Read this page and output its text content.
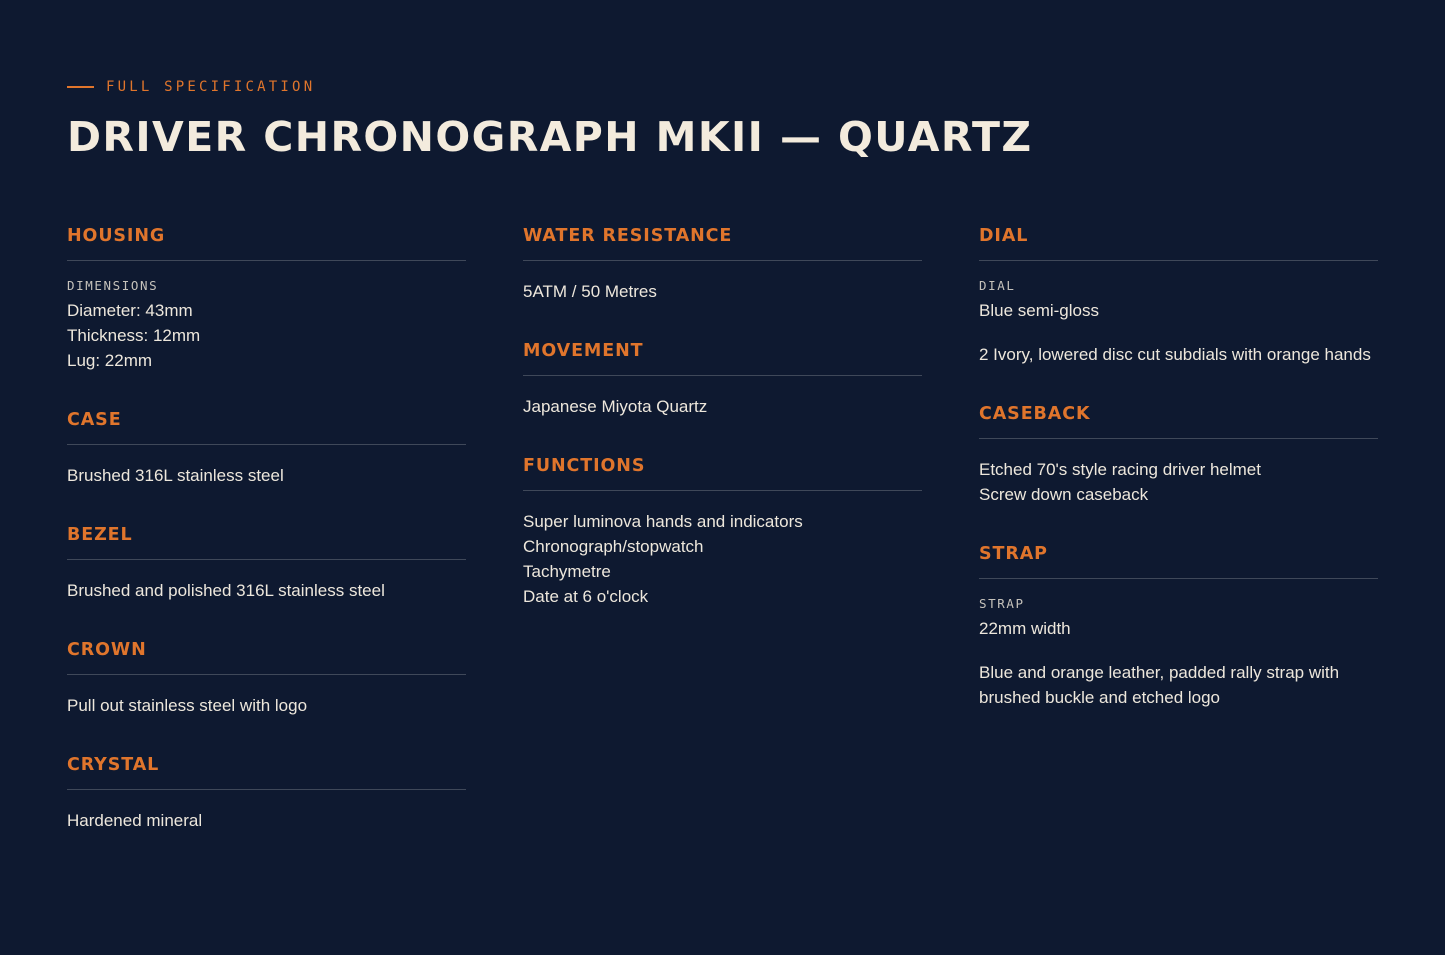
FULL SPECIFICATION
DRIVER CHRONOGRAPH MKII — QUARTZ
HOUSING
DIMENSIONS

Diameter: 43mm

Thickness: 12mm

Lug: 22mm

CASE

Brushed 316L stainless steel

BEZEL

Brushed and polished 316L stainless steel

CROWN

Pull out stainless steel with logo

CRYSTAL

Hardened mineral

WATER RESISTANCE

5ATM / 50 Metres

MOVEMENT

Japanese Miyota Quartz

FUNCTIONS

Super luminova hands and indicators

Chronograph/stopwatch

Tachymetre

Date at 6 o'clock

DIAL
DIAL

Blue semi-gloss

2 Ivory, lowered disc cut subdials with orange hands

CASEBACK

Etched 70's style racing driver helmet

Screw down caseback

STRAP
STRAP

22mm width

Blue and orange leather, padded rally strap with brushed buckle and etched logo
